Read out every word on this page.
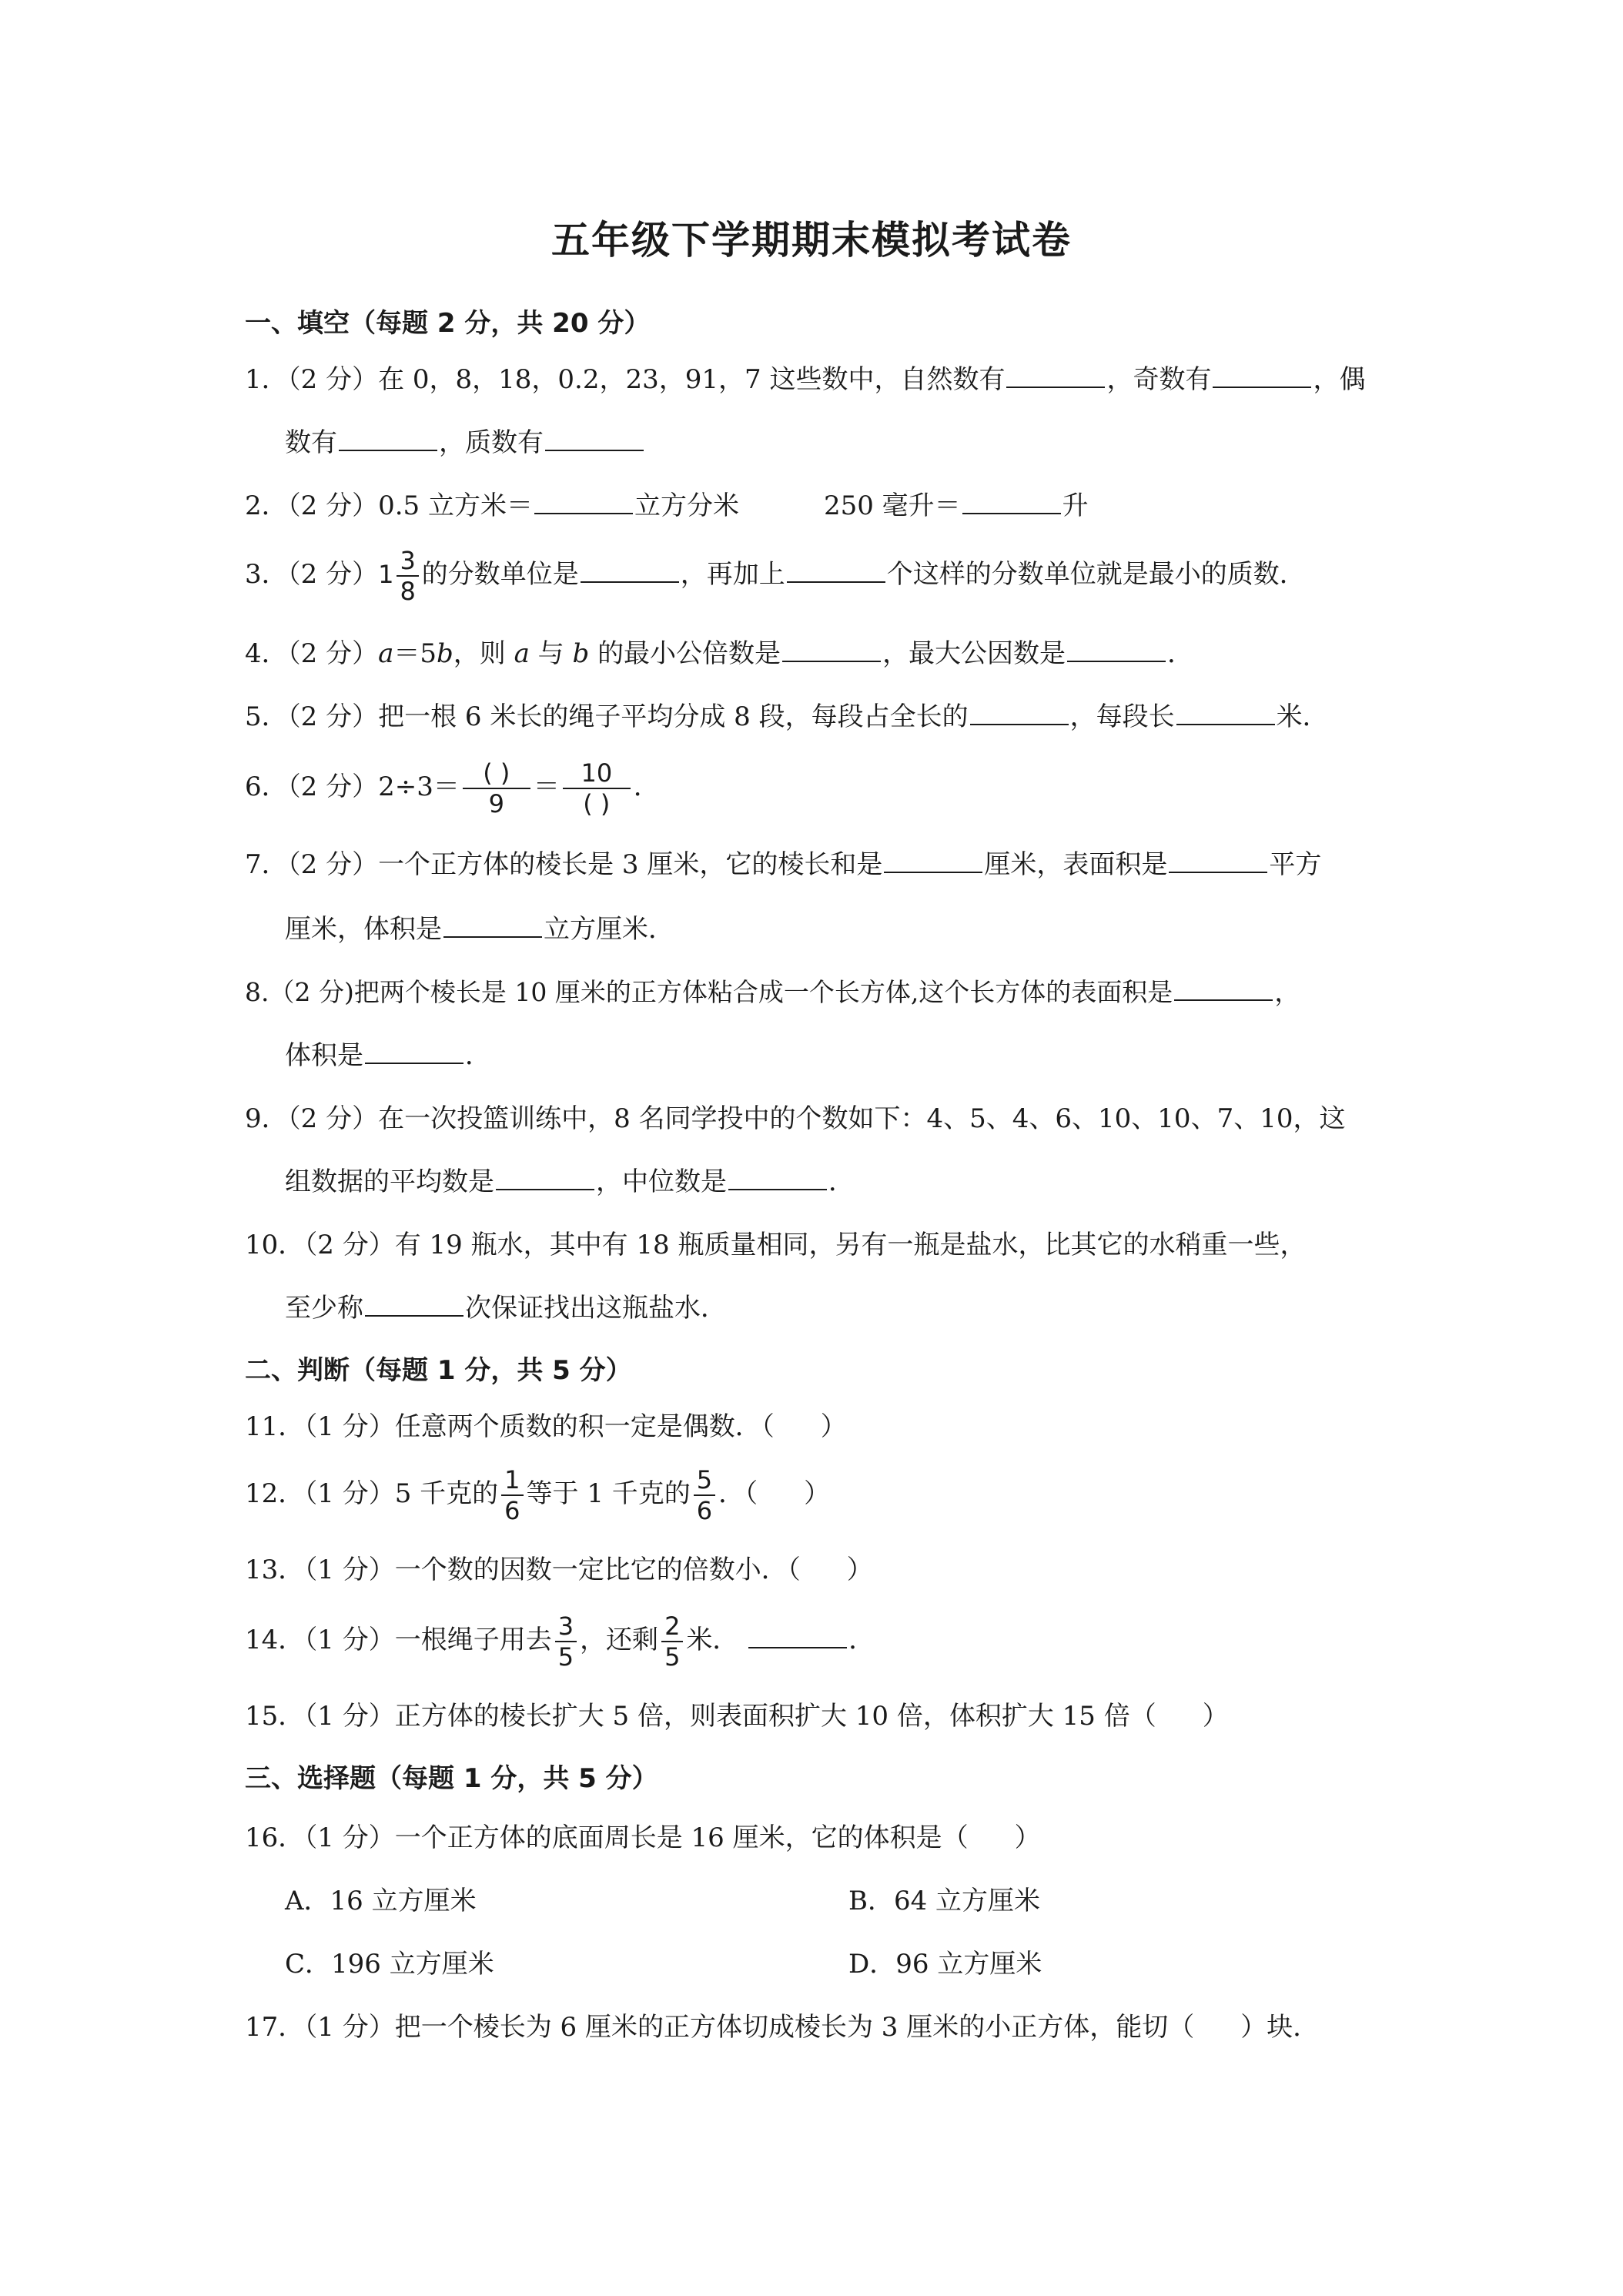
五年级下学期期末模拟考试卷
一、填空（每题 2 分，共 20 分）
1．（2 分）在 0，8，18，0.2，23，91，7 这些数中，自然数有	，奇数有	，偶
数有	，质数有
2．（2 分）0.5 立方米＝	立方分米	250 毫升＝	升
3．（2 分）$1 \frac{3}{8}$ 的分数单位是	，再加上	个这样的分数单位就是最小的质数．
4．（2 分）a＝5b，则 a 与 b 的最小公倍数是	，最大公因数是	．
5．（2 分）把一根 6 米长的绳子平均分成 8 段，每段占全长的	，每段长	米．
6．（2 分）$2\div 3= \frac{( )}{9} = \frac{10}{( )}$ ．
7．（2 分）一个正方体的棱长是 3 厘米，它的棱长和是	厘米，表面积是	平方
厘米，体积是	立方厘米．
8.（2 分)把两个棱长是 10 厘米的正方体粘合成一个长方体,这个长方体的表面积是	，
体积是	．
9．（2 分）在一次投篮训练中，8 名同学投中的个数如下：4、5、4、6、10、10、7、10，这
组数据的平均数是	，中位数是	．
10．（2 分）有 19 瓶水，其中有 18 瓶质量相同，另有一瓶是盐水，比其它的水稍重一些，
至少称	次保证找出这瓶盐水．
二、判断（每题 1 分，共 5 分）
11．（1 分）任意两个质数的积一定是偶数．（ ）
12．（1 分）5 千克的 $\frac{1}{6}$ 等于 1 千克的 $\frac{5}{6}$ ．（ ）
13．（1 分）一个数的因数一定比它的倍数小．（ ）
14．（1 分）一根绳子用去 $\frac{3}{5}$ ，还剩 $\frac{2}{5}$ 米．	．
15．（1 分）正方体的棱长扩大 5 倍，则表面积扩大 10 倍，体积扩大 15 倍（ ）
三、选择题（每题 1 分，共 5 分）
16．（1 分）一个正方体的底面周长是 16 厘米，它的体积是（ ）
A．16 立方厘米	B．64 立方厘米
C．196 立方厘米	D．96 立方厘米
17．（1 分）把一个棱长为 6 厘米的正方体切成棱长为 3 厘米的小正方体，能切（ ）块．
